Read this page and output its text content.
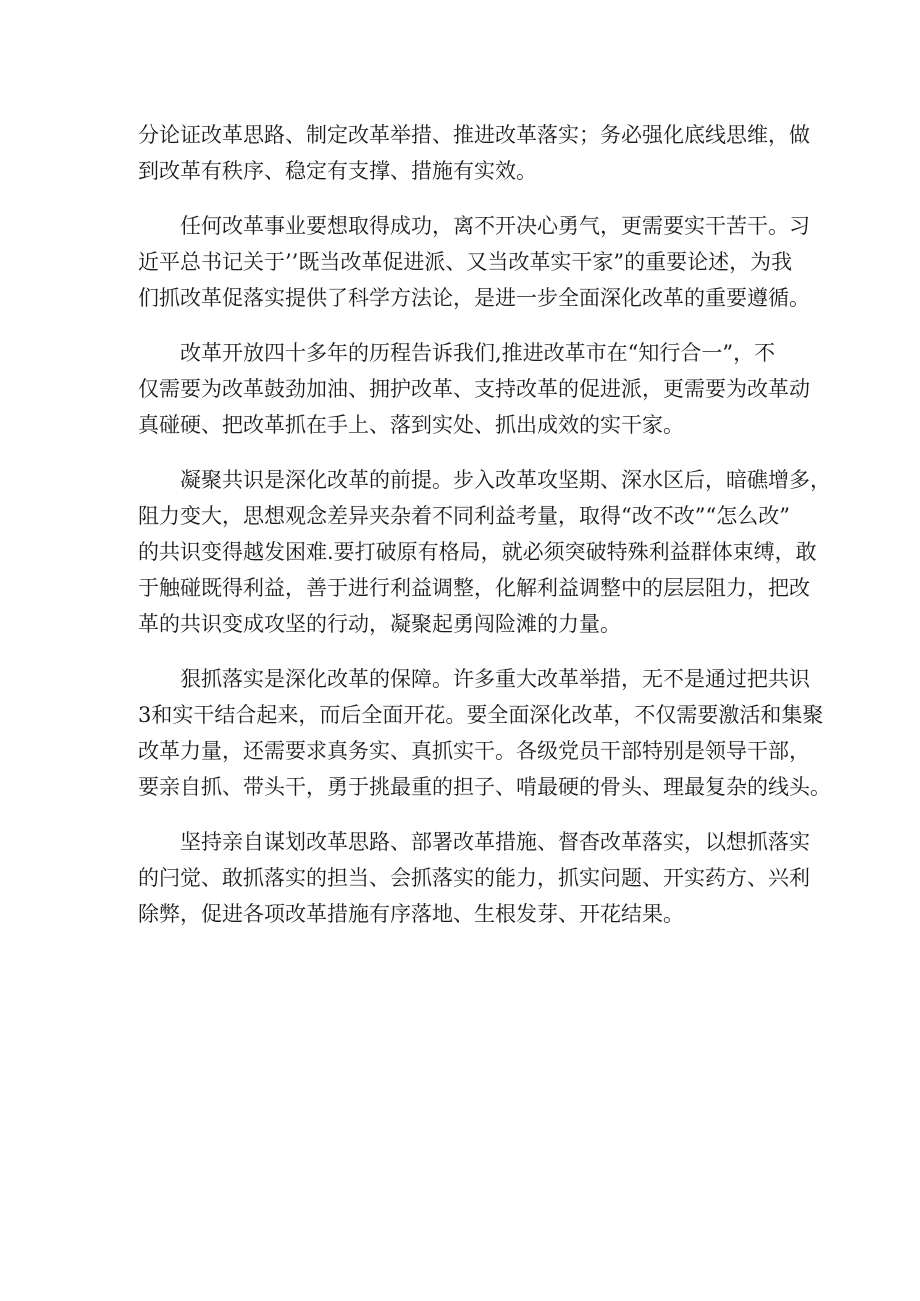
分论证改革思路、制定改革举措、推进改革落实；务必强化底线思维，做
到改革有秩序、稳定有支撑、措施有实效。
任何改革事业要想取得成功，离不开决心勇气，更需要实干苦干。习
近平总书记关于’’既当改革促进派、又当改革实干家”的重要论述，为我
们抓改革促落实提供了科学方法论，是进一步全面深化改革的重要遵循。
改革开放四十多年的历程告诉我们,推进改革市在“知行合一”，不
仅需要为改革鼓劲加油、拥护改革、支持改革的促进派，更需要为改革动
真碰硬、把改革抓在手上、落到实处、抓出成效的实干家。
凝聚共识是深化改革的前提。步入改革攻坚期、深水区后，暗礁增多，
阻力变大，思想观念差异夹杂着不同利益考量，取得“改不改”“怎么改”
的共识变得越发困难.要打破原有格局，就必须突破特殊利益群体束缚，敢
于触碰既得利益，善于进行利益调整，化解利益调整中的层层阻力，把改
革的共识变成攻坚的行动，凝聚起勇闯险滩的力量。
狠抓落实是深化改革的保障。许多重大改革举措，无不是通过把共识
3和实干结合起来，而后全面开花。要全面深化改革，不仅需要激活和集聚
改革力量，还需要求真务实、真抓实干。各级党员干部特别是领导干部，
要亲自抓、带头干，勇于挑最重的担子、啃最硬的骨头、理最复杂的线头。
坚持亲自谋划改革思路、部署改革措施、督杳改革落实，以想抓落实
的闩觉、敢抓落实的担当、会抓落实的能力，抓实问题、开实药方、兴利
除弊，促进各项改革措施有序落地、生根发芽、开花结果。
